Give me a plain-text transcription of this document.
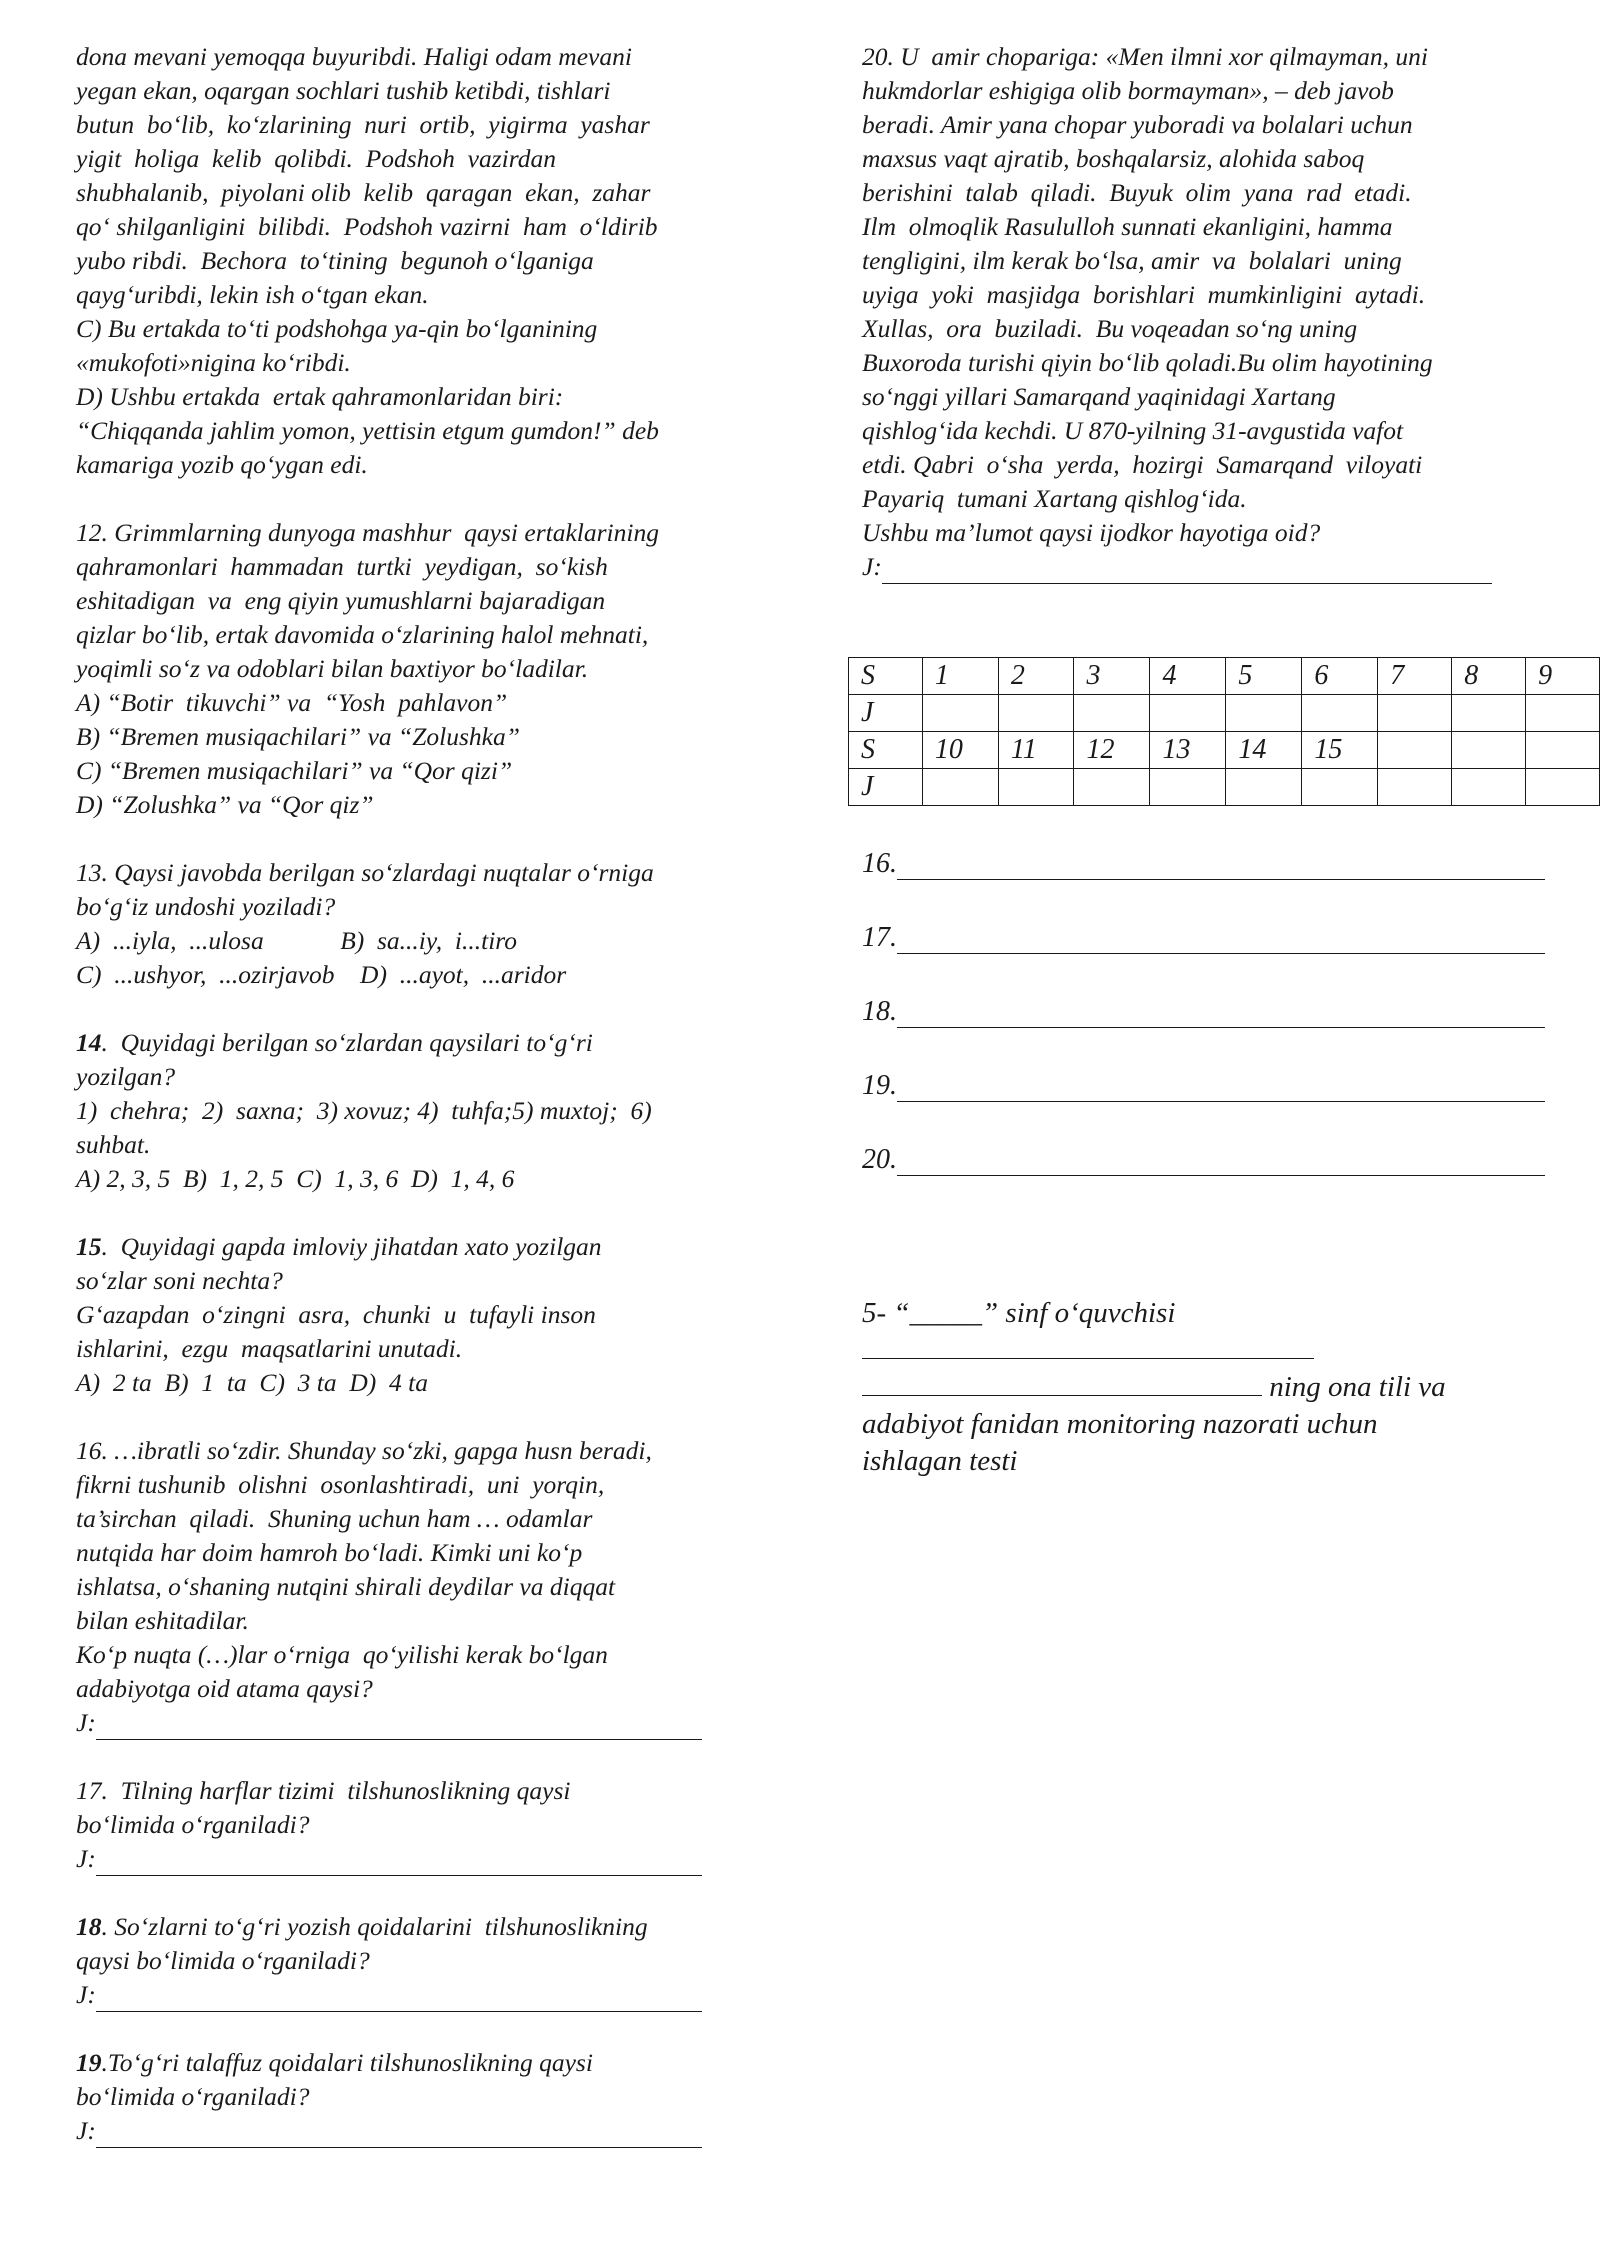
dona mevani yemoqqa buyuribdi. Haligi odam mevani
yegan ekan, oqargan sochlari tushib ketibdi, tishlari
butun  bo‘lib,  ko‘zlarining  nuri  ortib,  yigirma  yashar
yigit  holiga  kelib  qolibdi.  Podshoh  vazirdan
shubhalanib,  piyolani olib  kelib  qaragan  ekan,  zahar
qo‘ shilganligini  bilibdi.  Podshoh vazirni  ham  o‘ldirib
yubo ribdi.  Bechora  to‘tining  begunoh o‘lganiga
qayg‘uribdi, lekin ish o‘tgan ekan.
C) Bu ertakda to‘ti podshohga ya-qin bo‘lganining
«mukofoti»nigina ko‘ribdi.
D) Ushbu ertakda  ertak qahramonlaridan biri:
“Chiqqanda jahlim yomon, yettisin etgum gumdon!” deb
kamariga yozib qo‘ygan edi.
12. Grimmlarning dunyoga mashhur  qaysi ertaklarining
qahramonlari  hammadan  turtki  yeydigan,  so‘kish
eshitadigan  va  eng qiyin yumushlarni bajaradigan
qizlar bo‘lib, ertak davomida o‘zlarining halol mehnati,
yoqimli so‘z va odoblari bilan baxtiyor bo‘ladilar.
A) “Botir  tikuvchi” va  “Yosh  pahlavon”
B) “Bremen musiqachilari” va “Zolushka”
C) “Bremen musiqachilari” va “Qor qizi”
D) “Zolushka” va “Qor qiz”
13. Qaysi javobda berilgan so‘zlardagi nuqtalar o‘rniga
bo‘g‘iz undoshi yoziladi?
A)  ...iyla,  ...ulosa            B)  sa...iy,  i...tiro
C)  ...ushyor,  ...ozirjavob    D)  ...ayot,  ...aridor
14.  Quyidagi berilgan so‘zlardan qaysilari to‘g‘ri
yozilgan?
1)  chehra;  2)  saxna;  3) xovuz; 4)  tuhfa;5) muxtoj;  6)
suhbat.
A) 2, 3, 5  B)  1, 2, 5  C)  1, 3, 6  D)  1, 4, 6
15.  Quyidagi gapda imloviy jihatdan xato yozilgan
so‘zlar soni nechta?
G‘azapdan  o‘zingni  asra,  chunki  u  tufayli inson
ishlarini,  ezgu  maqsatlarini unutadi.
A)  2 ta  B)  1  ta  C)  3 ta  D)  4 ta
16. …ibratli so‘zdir. Shunday so‘zki, gapga husn beradi,
fikrni tushunib  olishni  osonlashtiradi,  uni  yorqin,
ta’sirchan  qiladi.  Shuning uchun ham … odamlar
nutqida har doim hamroh bo‘ladi. Kimki uni ko‘p
ishlatsa, o‘shaning nutqini shirali deydilar va diqqat
bilan eshitadilar.
Ko‘p nuqta (…)lar o‘rniga  qo‘yilishi kerak bo‘lgan
adabiyotga oid atama qaysi?
J:
17.  Tilning harflar tizimi  tilshunoslikning qaysi
bo‘limida o‘rganiladi?
J:
18. So‘zlarni to‘g‘ri yozish qoidalarini  tilshunoslikning
qaysi bo‘limida o‘rganiladi?
J:
19.To‘g‘ri talaffuz qoidalari tilshunoslikning qaysi
bo‘limida o‘rganiladi?
J:
20. U  amir chopariga: «Men ilmni xor qilmayman, uni
hukmdorlar eshigiga olib bormayman», – deb javob
beradi. Amir yana chopar yuboradi va bolalari uchun
maxsus vaqt ajratib, boshqalarsiz, alohida saboq
berishini  talab  qiladi.  Buyuk  olim  yana  rad  etadi.
Ilm  olmoqlik Rasululloh sunnati ekanligini, hamma
tengligini, ilm kerak bo‘lsa, amir  va  bolalari  uning
uyiga  yoki  masjidga  borishlari  mumkinligini  aytadi.
Xullas,  ora  buziladi.  Bu voqeadan so‘ng uning
Buxoroda turishi qiyin bo‘lib qoladi.Bu olim hayotining
so‘nggi yillari Samarqand yaqinidagi Xartang
qishlog‘ida kechdi. U 870-yilning 31-avgustida vafot
etdi. Qabri  o‘sha  yerda,  hozirgi  Samarqand  viloyati
Payariq  tumani Xartang qishlog‘ida.
Ushbu ma’lumot qaysi ijodkor hayotiga oid?
J:
S	1	2	3	4	5	6	7	8	9
J									
S	10	11	12	13	14	15			
J									
16.
17.
18.
19.
20.
5- “_____” sinf o‘quvchisi
ning ona tili va
adabiyot fanidan monitoring nazorati uchun
ishlagan testi
